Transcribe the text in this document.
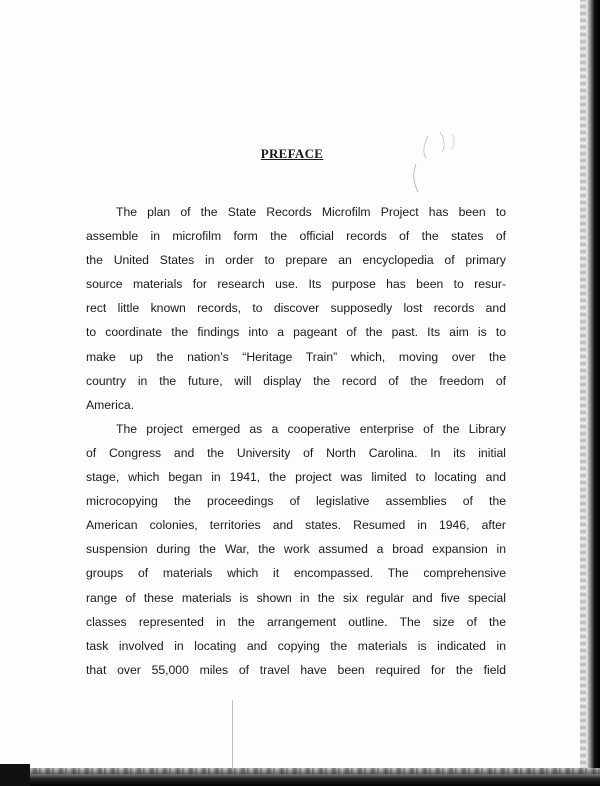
PREFACE
The plan of the State Records Microfilm Project has been to
assemble in microfilm form the official records of the states of
the United States in order to prepare an encyclopedia of primary
source materials for research use. Its purpose has been to resur-
rect little known records, to discover supposedly lost records and
to coordinate the findings into a pageant of the past. Its aim is to
make up the nation's “Heritage Train” which, moving over the
country in the future, will display the record of the freedom of
America.
The project emerged as a cooperative enterprise of the Library
of Congress and the University of North Carolina. In its initial
stage, which began in 1941, the project was limited to locating and
microcopying the proceedings of legislative assemblies of the
American colonies, territories and states. Resumed in 1946, after
suspension during the War, the work assumed a broad expansion in
groups of materials which it encompassed. The comprehensive
range of these materials is shown in the six regular and five special
classes represented in the arrangement outline. The size of the
task involved in locating and copying the materials is indicated in
that over 55,000 miles of travel have been required for the field
